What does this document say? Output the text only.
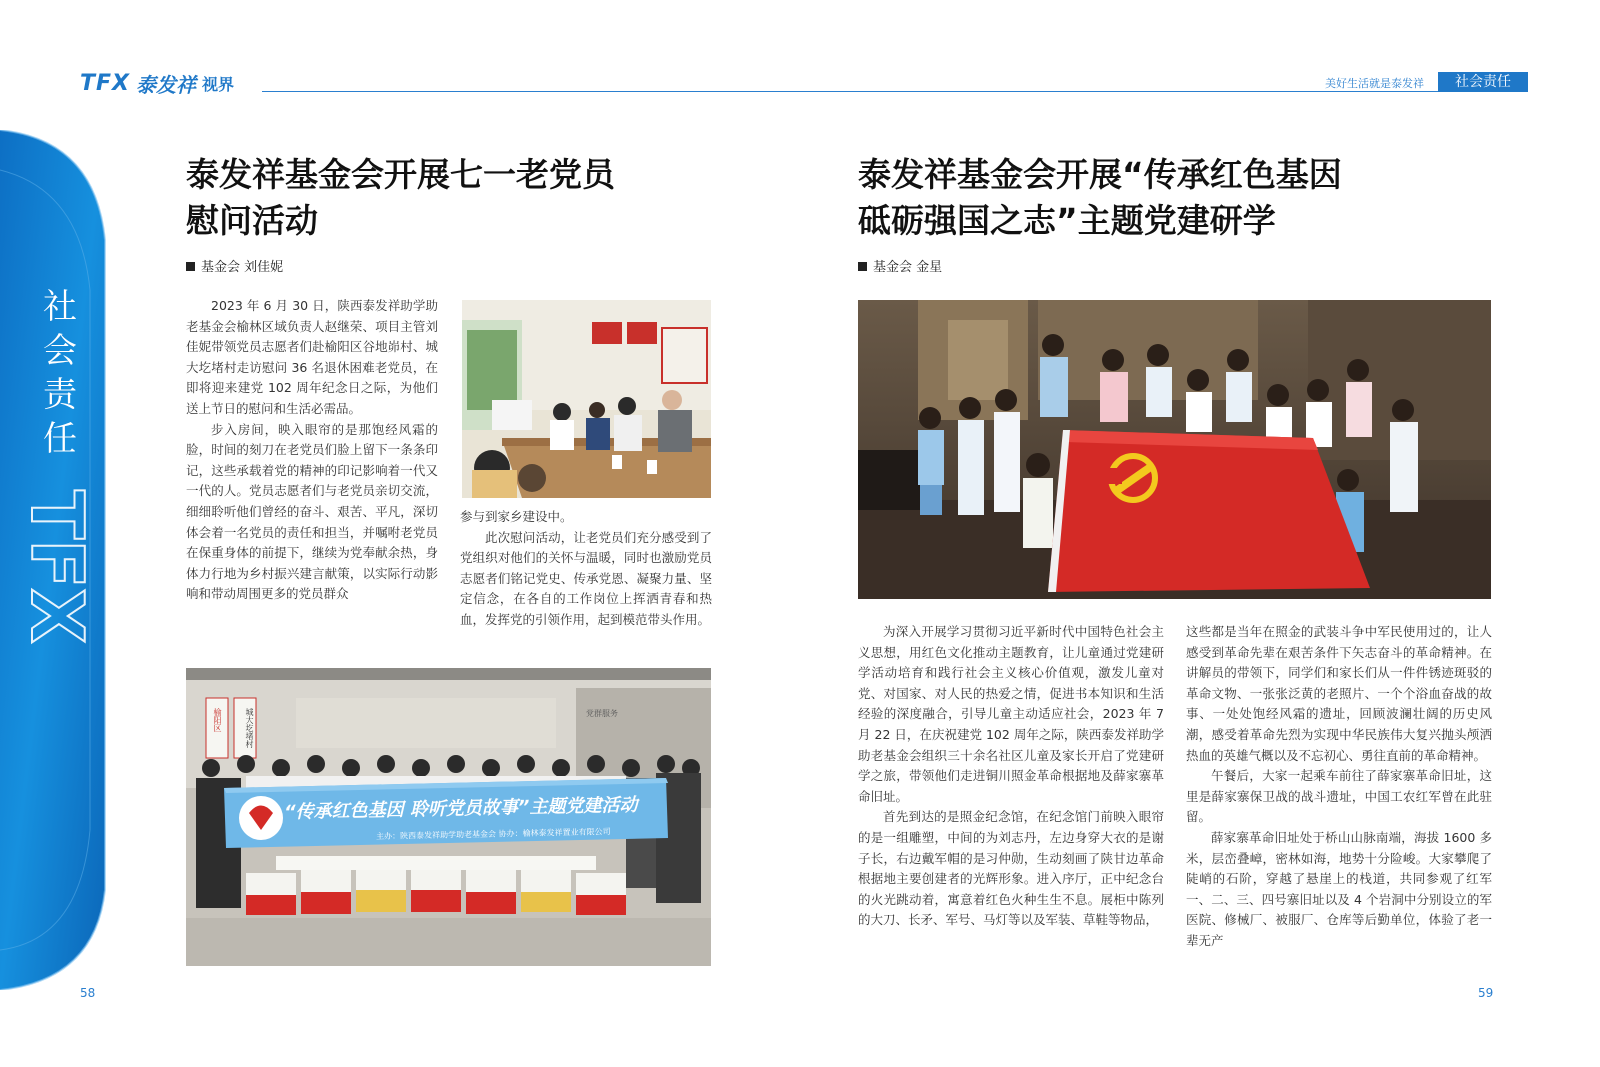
TFX 泰发祥 视界	美好生活就是泰发祥	社会责任
社会责任
TFX
泰发祥基金会开展七一老党员
慰问活动
基金会 刘佳妮

2023 年 6 月 30 日，陕西泰发祥助学助老基金会榆林区域负责人赵继荣、项目主管刘佳妮带领党员志愿者们赴榆阳区谷地峁村、城大圪堵村走访慰问 36 名退休困难老党员，在即将迎来建党 102 周年纪念日之际，为他们送上节日的慰问和生活必需品。

步入房间，映入眼帘的是那饱经风霜的脸，时间的刻刀在老党员们脸上留下一条条印记，这些承载着党的精神的印记影响着一代又一代的人。党员志愿者们与老党员亲切交流，细细聆听他们曾经的奋斗、艰苦、平凡，深切体会着一名党员的责任和担当，并嘱咐老党员在保重身体的前提下，继续为党奉献余热，身体力行地为乡村振兴建言献策，以实际行动影响和带动周围更多的党员群众

参与到家乡建设中。

此次慰问活动，让老党员们充分感受到了党组织对他们的关怀与温暖，同时也激励党员志愿者们铭记党史、传承党恩、凝聚力量、坚定信念，在各自的工作岗位上挥洒青春和热血，发挥党的引领作用，起到模范带头作用。

榆阳区	城大圪堵村	党群服务
“传承红色基因 聆听党员故事”主题党建活动
主办：陕西泰发祥助学助老基金会 协办：榆林泰发祥置业有限公司
58
泰发祥基金会开展“传承红色基因
砥砺强国之志”主题党建研学
基金会 金星

为深入开展学习贯彻习近平新时代中国特色社会主义思想，用红色文化推动主题教育，让儿童通过党建研学活动培育和践行社会主义核心价值观，激发儿童对党、对国家、对人民的热爱之情，促进书本知识和生活经验的深度融合，引导儿童主动适应社会，2023 年 7 月 22 日，在庆祝建党 102 周年之际，陕西泰发祥助学助老基金会组织三十余名社区儿童及家长开启了党建研学之旅，带领他们走进铜川照金革命根据地及薛家寨革命旧址。

首先到达的是照金纪念馆，在纪念馆门前映入眼帘的是一组雕塑，中间的为刘志丹，左边身穿大衣的是谢子长，右边戴军帽的是习仲勋，生动刻画了陕甘边革命根据地主要创建者的光辉形象。进入序厅，正中纪念台的火光跳动着，寓意着红色火种生生不息。展柜中陈列的大刀、长矛、军号、马灯等以及军装、草鞋等物品，

这些都是当年在照金的武装斗争中军民使用过的，让人感受到革命先辈在艰苦条件下矢志奋斗的革命精神。在讲解员的带领下，同学们和家长们从一件件锈迹斑驳的革命文物、一张张泛黄的老照片、一个个浴血奋战的故事、一处处饱经风霜的遗址，回顾波澜壮阔的历史风潮，感受着革命先烈为实现中华民族伟大复兴抛头颅洒热血的英雄气概以及不忘初心、勇往直前的革命精神。

午餐后，大家一起乘车前往了薛家寨革命旧址，这里是薛家寨保卫战的战斗遗址，中国工农红军曾在此驻留。

薛家寨革命旧址处于桥山山脉南端，海拔 1600 多米，层峦叠嶂，密林如海，地势十分险峻。大家攀爬了陡峭的石阶，穿越了悬崖上的栈道，共同参观了红军一、二、三、四号寨旧址以及 4 个岩洞中分别设立的军医院、修械厂、被服厂、仓库等后勤单位，体验了老一辈无产

59
